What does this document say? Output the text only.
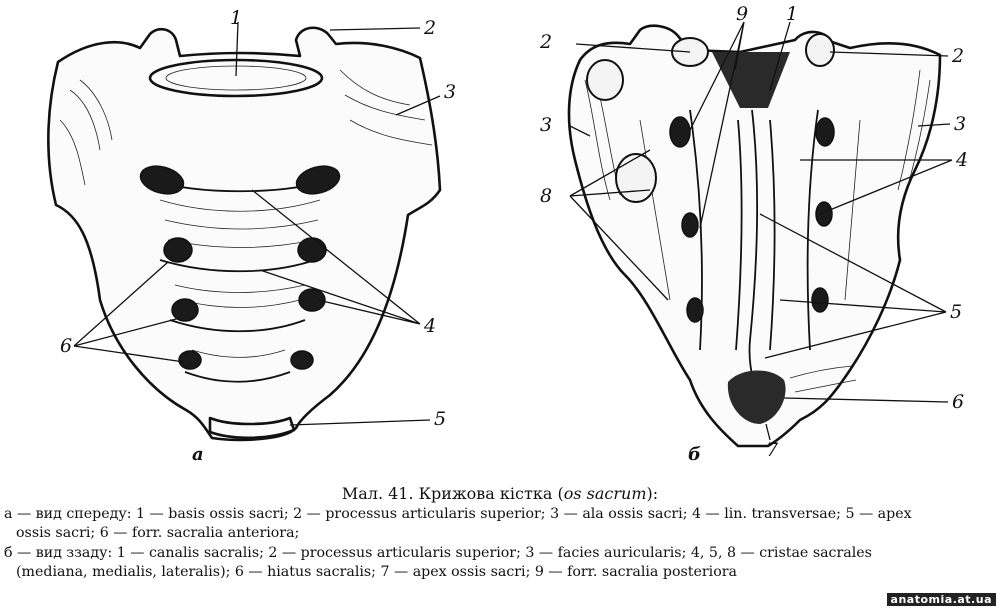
1	2
3
4
6
5
а
9 1
2
3
8
2
3
4
5
6
7
б
Мал. 41. Крижова кістка (os sacrum):
а — вид спереду: 1 — basis ossis sacri; 2 — processus articularis superior; 3 — ala ossis sacri; 4 — lin. transversae; 5 — apex
ossis sacri; 6 — forr. sacralia anteriora;
б — вид ззаду: 1 — canalis sacralis; 2 — processus articularis superior; 3 — facies auricularis; 4, 5, 8 — cristae sacrales
(mediana, medialis, lateralis); 6 — hiatus sacralis; 7 — apex ossis sacri; 9 — forr. sacralia posteriora
anatomia.at.ua
